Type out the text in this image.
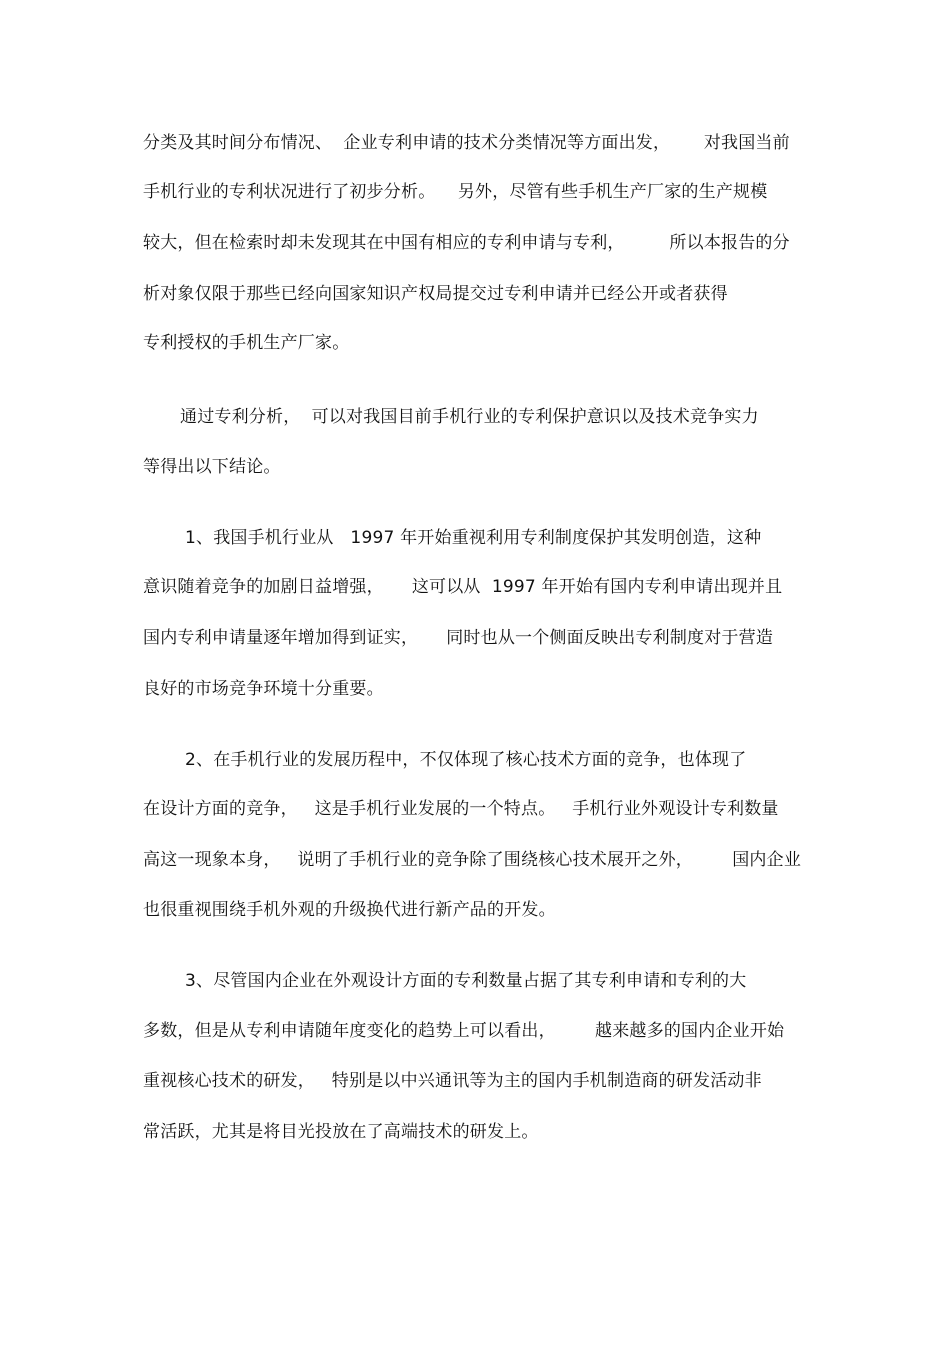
分类及其时间分布情况、  企业专利申请的技术分类情况等方面出发，      对我国当前
手机行业的专利状况进行了初步分析。    另外，尽管有些手机生产厂家的生产规模
较大，但在检索时却未发现其在中国有相应的专利申请与专利，        所以本报告的分
析对象仅限于那些已经向国家知识产权局提交过专利申请并已经公开或者获得
专利授权的手机生产厂家。
通过专利分析，  可以对我国目前手机行业的专利保护意识以及技术竞争实力
等得出以下结论。
1、我国手机行业从   1997 年开始重视利用专利制度保护其发明创造，这种
意识随着竞争的加剧日益增强，     这可以从  1997 年开始有国内专利申请出现并且
国内专利申请量逐年增加得到证实，     同时也从一个侧面反映出专利制度对于营造
良好的市场竞争环境十分重要。
2、在手机行业的发展历程中，不仅体现了核心技术方面的竞争，也体现了
在设计方面的竞争，   这是手机行业发展的一个特点。   手机行业外观设计专利数量
高这一现象本身，   说明了手机行业的竞争除了围绕核心技术展开之外，       国内企业
也很重视围绕手机外观的升级换代进行新产品的开发。
3、尽管国内企业在外观设计方面的专利数量占据了其专利申请和专利的大
多数，但是从专利申请随年度变化的趋势上可以看出，       越来越多的国内企业开始
重视核心技术的研发，   特别是以中兴通讯等为主的国内手机制造商的研发活动非
常活跃，尤其是将目光投放在了高端技术的研发上。
